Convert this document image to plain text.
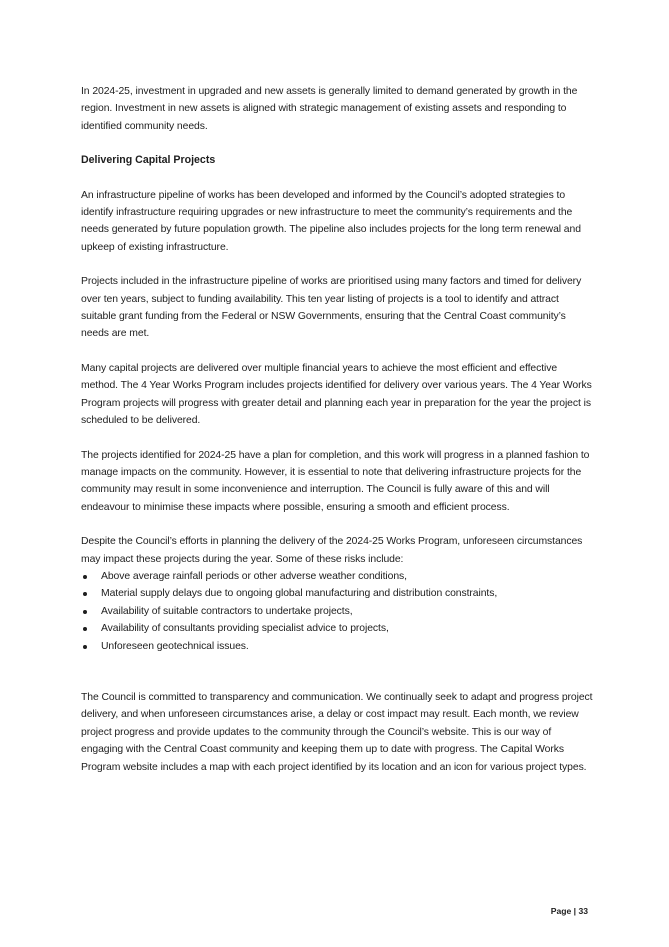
In 2024-25, investment in upgraded and new assets is generally limited to demand generated by growth in the region. Investment in new assets is aligned with strategic management of existing assets and responding to identified community needs.

Delivering Capital Projects

An infrastructure pipeline of works has been developed and informed by the Council’s adopted strategies to identify infrastructure requiring upgrades or new infrastructure to meet the community’s requirements and the needs generated by future population growth. The pipeline also includes projects for the long term renewal and upkeep of existing infrastructure.

Projects included in the infrastructure pipeline of works are prioritised using many factors and timed for delivery over ten years, subject to funding availability. This ten year listing of projects is a tool to identify and attract suitable grant funding from the Federal or NSW Governments, ensuring that the Central Coast community’s needs are met.

Many capital projects are delivered over multiple financial years to achieve the most efficient and effective method. The 4 Year Works Program includes projects identified for delivery over various years. The 4 Year Works Program projects will progress with greater detail and planning each year in preparation for the year the project is scheduled to be delivered.

The projects identified for 2024-25 have a plan for completion, and this work will progress in a planned fashion to manage impacts on the community. However, it is essential to note that delivering infrastructure projects for the community may result in some inconvenience and interruption. The Council is fully aware of this and will endeavour to minimise these impacts where possible, ensuring a smooth and efficient process.

Despite the Council’s efforts in planning the delivery of the 2024-25 Works Program, unforeseen circumstances may impact these projects during the year. Some of these risks include:

Above average rainfall periods or other adverse weather conditions,
Material supply delays due to ongoing global manufacturing and distribution constraints,
Availability of suitable contractors to undertake projects,
Availability of consultants providing specialist advice to projects,
Unforeseen geotechnical issues.

The Council is committed to transparency and communication. We continually seek to adapt and progress project delivery, and when unforeseen circumstances arise, a delay or cost impact may result. Each month, we review project progress and provide updates to the community through the Council’s website. This is our way of engaging with the Central Coast community and keeping them up to date with progress. The Capital Works Program website includes a map with each project identified by its location and an icon for various project types.

Page | 33
